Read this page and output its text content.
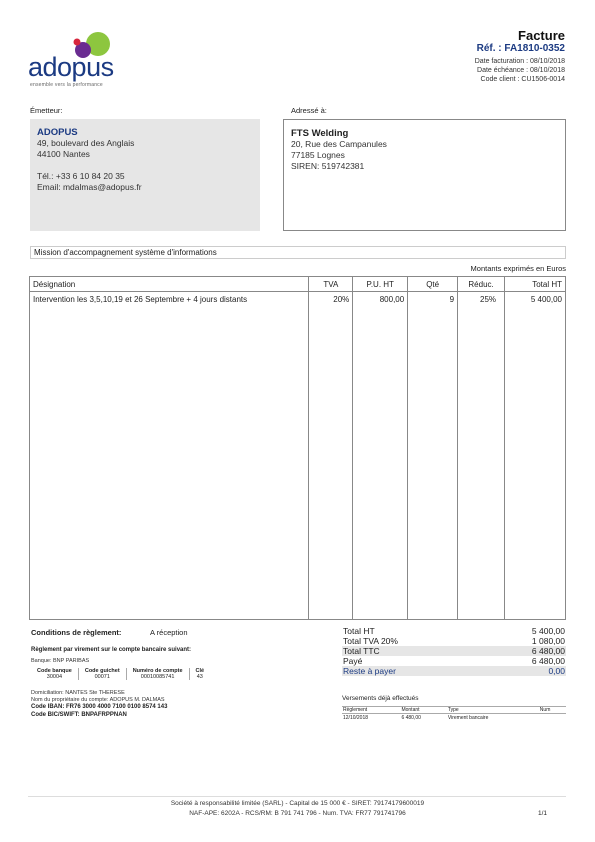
adopus
ensemble vers la performance
Facture
Réf. : FA1810-0352
Date facturation : 08/10/2018
Date échéance : 08/10/2018
Code client : CU1506-0014
Émetteur:
ADOPUS
49, boulevard des Anglais
44100 Nantes
Tél.: +33 6 10 84 20 35
Email: mdalmas@adopus.fr
Adressé à:
FTS Welding
20, Rue des Campanules
77185 Lognes
SIREN: 519742381
Mission d'accompagnement système d'informations
Montants exprimés en Euros
Désignation	TVA	P.U. HT	Qté	Réduc.	Total HT
Intervention les 3,5,10,19 et 26 Septembre + 4 jours distants	20%	800,00	9	25%	5 400,00
Conditions de règlement:	A réception
Règlement par virement sur le compte bancaire suivant:
Banque: BNP PARIBAS
Code banque	Code guichet	Numéro de compte	Clé
30004	00071	00010085741	43
Domiciliation: NANTES Ste THERESE
Nom du propriétaire du compte: ADOPUS M. DALMAS
Code IBAN: FR76 3000 4000 7100 0100 8574 143
Code BIC/SWIFT: BNPAFRPPNAN
Total HT	5 400,00
Total TVA 20%	1 080,00
Total TTC	6 480,00
Payé	6 480,00
Reste à payer	0,00
Versements déjà effectués
Règlement	Montant	Type	Num
12/10/2018	6 480,00	Virement bancaire	
Société à responsabilité limitée (SARL) - Capital de 15 000 € - SIRET: 79174179600019
NAF-APE: 6202A - RCS/RM: B 791 741 796 - Num. TVA: FR77 791741796	1/1
